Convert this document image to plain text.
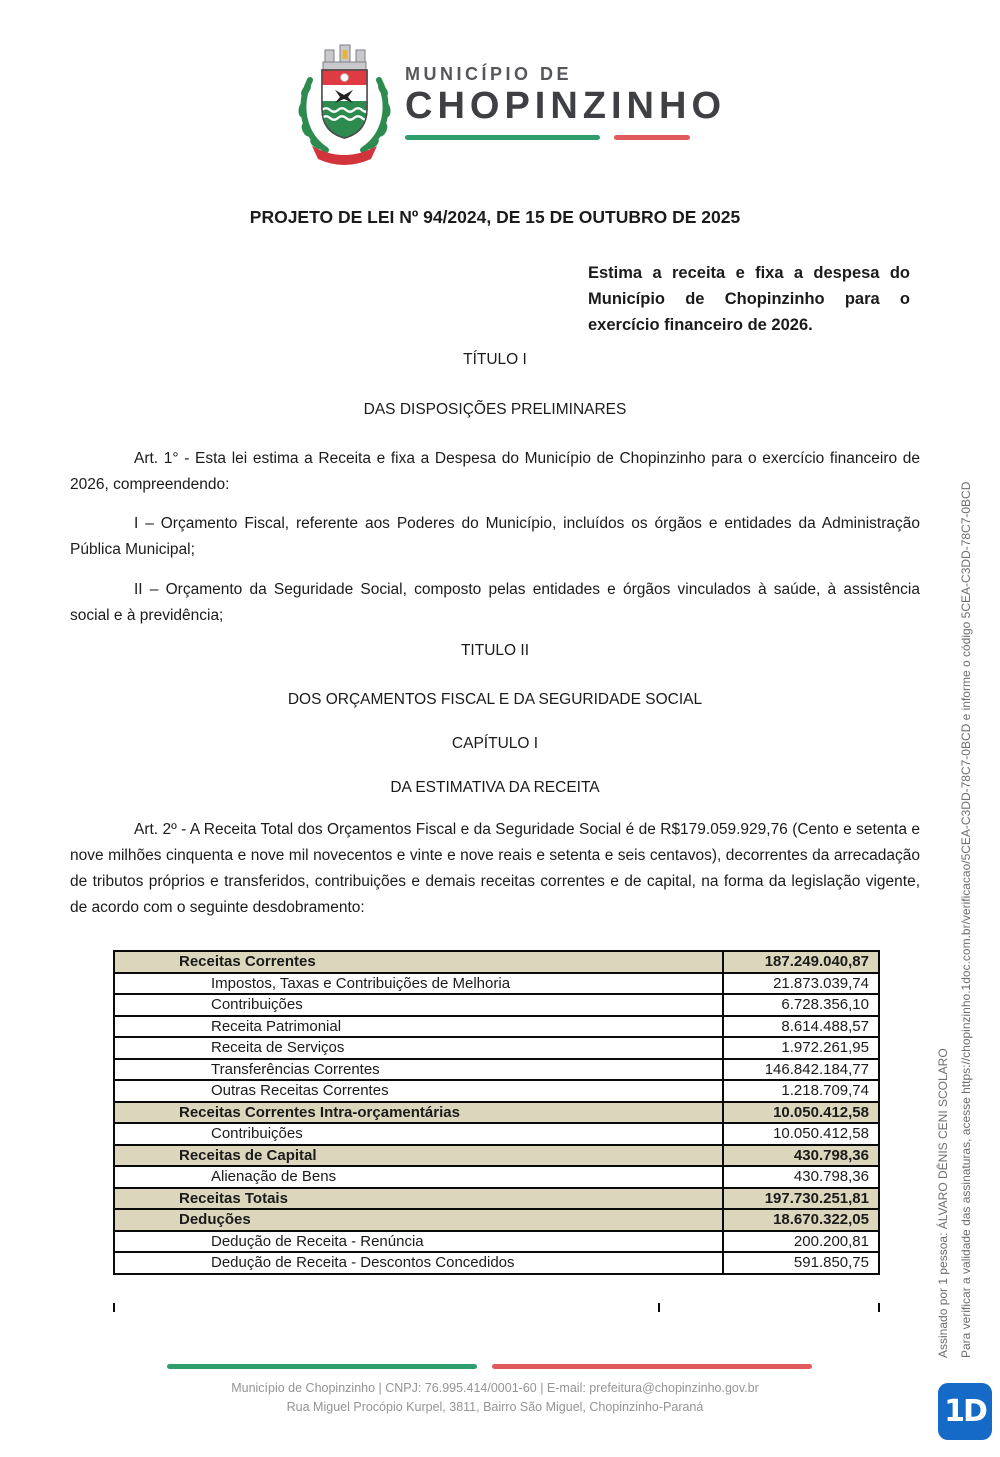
MUNICÍPIO DE
CHOPINZINHO
PROJETO DE LEI Nº 94/2024, DE 15 DE OUTUBRO DE 2025
Estima a receita e fixa a despesa do Município de Chopinzinho para o exercício financeiro de 2026.
TÍTULO I
DAS DISPOSIÇÕES PRELIMINARES

Art. 1° - Esta lei estima a Receita e fixa a Despesa do Município de Chopinzinho para o exercício financeiro de 2026, compreendendo:

I – Orçamento Fiscal, referente aos Poderes do Município, incluídos os órgãos e entidades da Administração Pública Municipal;

II – Orçamento da Seguridade Social, composto pelas entidades e órgãos vinculados à saúde, à assistência social e à previdência;

TITULO II
DOS ORÇAMENTOS FISCAL E DA SEGURIDADE SOCIAL
CAPÍTULO I
DA ESTIMATIVA DA RECEITA

Art. 2º - A Receita Total dos Orçamentos Fiscal e da Seguridade Social é de R$179.059.929,76 (Cento e setenta e nove milhões cinquenta e nove mil novecentos e vinte e nove reais e setenta e seis centavos), decorrentes da arrecadação de tributos próprios e transferidos, contribuições e demais receitas correntes e de capital, na forma da legislação vigente, de acordo com o seguinte desdobramento:

Receitas Correntes	187.249.040,87
Impostos, Taxas e Contribuições de Melhoria	21.873.039,74
Contribuições	6.728.356,10
Receita Patrimonial	8.614.488,57
Receita de Serviços	1.972.261,95
Transferências Correntes	146.842.184,77
Outras Receitas Correntes	1.218.709,74
Receitas Correntes Intra-orçamentárias	10.050.412,58
Contribuições	10.050.412,58
Receitas de Capital	430.798,36
Alienação de Bens	430.798,36
Receitas Totais	197.730.251,81
Deduções	18.670.322,05
Dedução de Receita - Renúncia	200.200,81
Dedução de Receita - Descontos Concedidos	591.850,75
Município de Chopinzinho | CNPJ: 76.995.414/0001-60 | E-mail: prefeitura@chopinzinho.gov.br
Rua Miguel Procópio Kurpel, 3811, Bairro São Miguel, Chopinzinho-Paraná
Assinado por 1 pessoa: ÁLVARO DÊNIS CENI SCOLARO Para verificar a validade das assinaturas, acesse https://chopinzinho.1doc.com.br/verificacao/5CEA-C3DD-78C7-0BCD e informe o código 5CEA-C3DD-78C7-0BCD
1D
